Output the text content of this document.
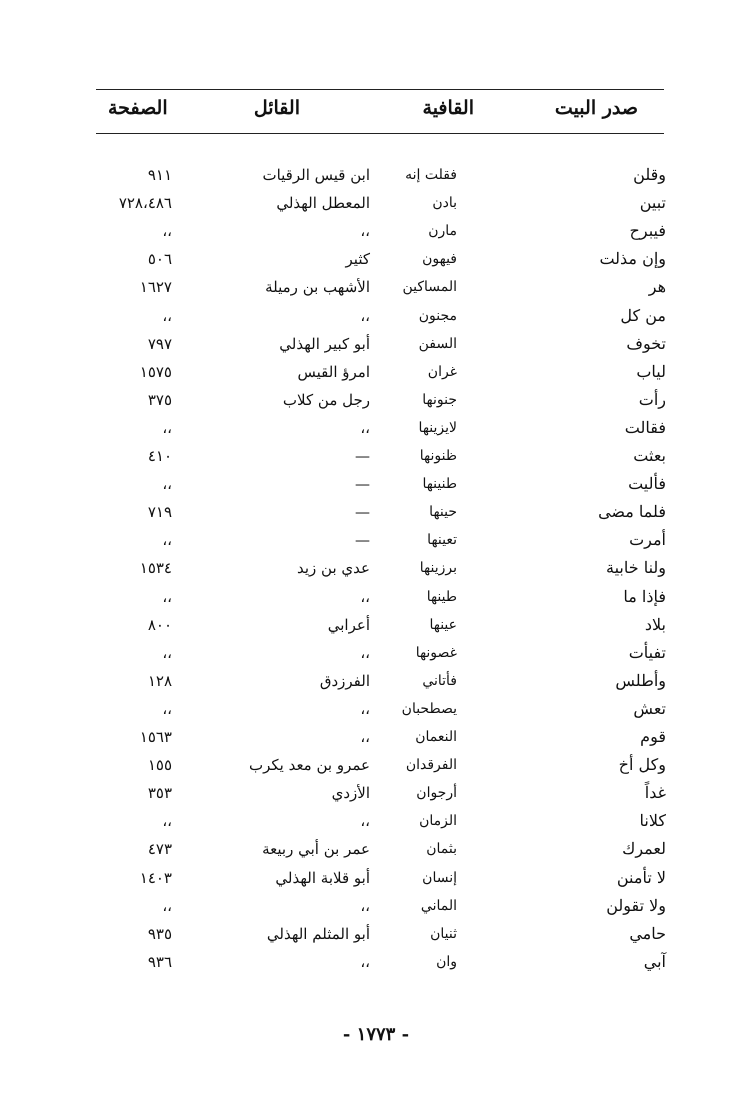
صدر البيت
القافية
القائل
الصفحة
وقلن
فقلت إنه
ابن قيس الرقيات
٩١١
تبين
بادن
المعطل الهذلي
٧٢٨،٤٨٦
فيبرح
مارن
،،
،،
وإن مذلت
فيهون
كثير
٥٠٦
هر
المساكين
الأشهب بن رميلة
١٦٢٧
من كل
مجنون
،،
،،
تخوف
السفن
أبو كبير الهذلي
٧٩٧
لياب
غران
امرؤ القيس
١٥٧٥
رأت
جنونها
رجل من كلاب
٣٧٥
فقالت
لايزينها
،،
،،
بعثت
ظنونها
—
٤١٠
فأليت
طنينها
—
،،
فلما مضى
حينها
—
٧١٩
أمرت
تعينها
—
،،
ولنا خابية
برزينها
عدي بن زيد
١٥٣٤
فإذا ما
طينها
،،
،،
بلاد
عينها
أعرابي
٨٠٠
تفيأت
غصونها
،،
،،
وأطلس
فأتاني
الفرزدق
١٢٨
تعش
يصطحبان
،،
،،
قوم
النعمان
،،
١٥٦٣
وكل أخ
الفرقدان
عمرو بن معد يكرب
١٥٥
غداً
أرجوان
الأزدي
٣٥٣
كلانا
الزمان
،،
،،
لعمرك
بثمان
عمر بن أبي ربيعة
٤٧٣
لا تأمنن
إنسان
أبو قلابة الهذلي
١٤٠٣
ولا تقولن
الماني
،،
،،
حامي
ثنيان
أبو المثلم الهذلي
٩٣٥
آبي
وان
،،
٩٣٦
- ١٧٧٣ -
